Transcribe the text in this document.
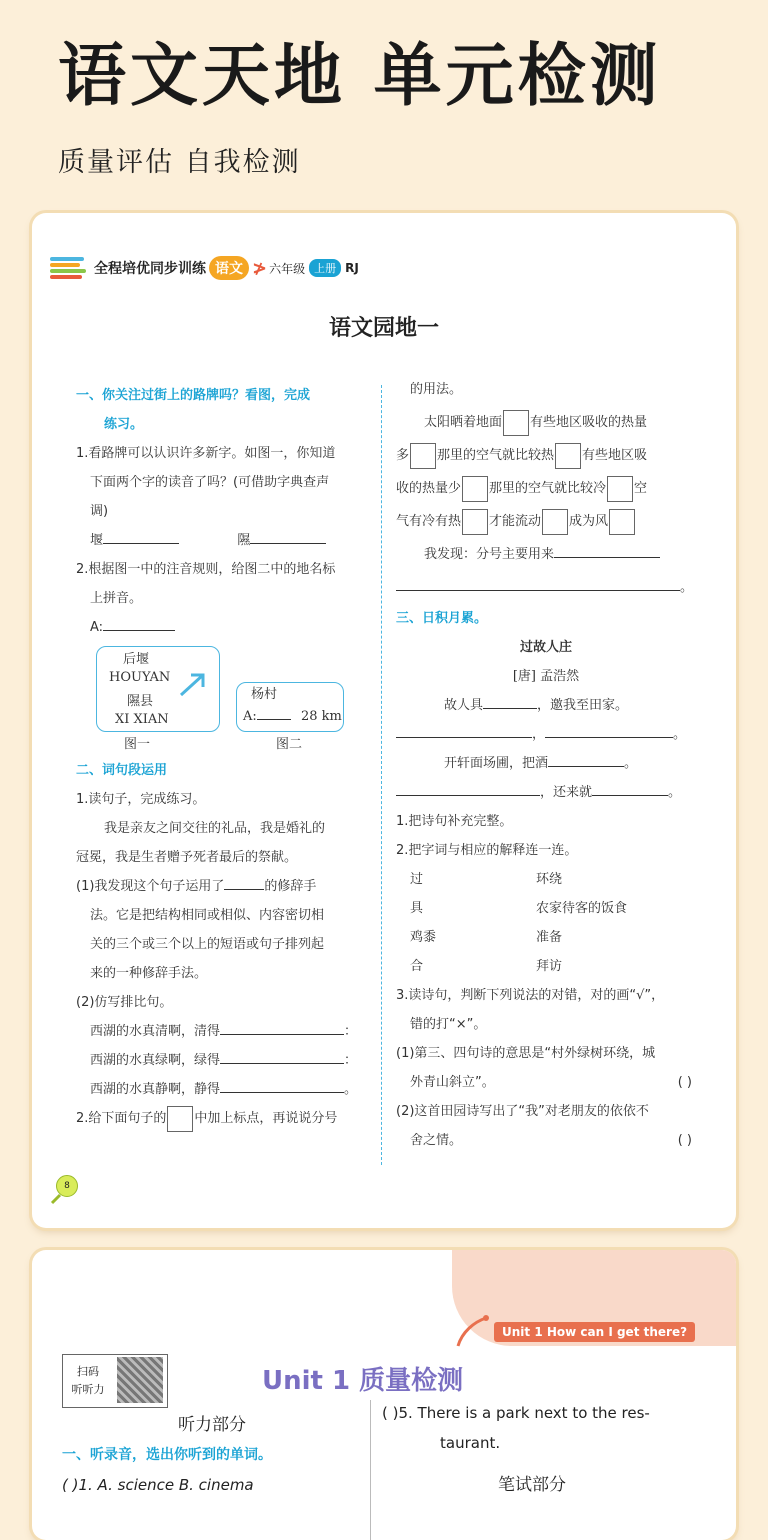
语文天地 单元检测
质量评估 自我检测
全程培优同步训练 语文 ≯ 六年级 上册 RJ
语文园地一
一、你关注过街上的路牌吗？看图，完成
练习。
1.看路牌可以认识许多新字。如图一，你知道
下面两个字的读音了吗？(可借助字典查声
调)
堰	隰
2.根据图一中的注音规则，给图二中的地名标
上拼音。
A:
后堰
HOUYAN
隰县
XI XIAN
杨村
A:	28 km
图一	图二
二、词句段运用
1.读句子，完成练习。
我是亲友之间交往的礼品，我是婚礼的
冠冕，我是生者赠予死者最后的祭献。
(1)我发现这个句子运用了	的修辞手
法。它是把结构相同或相似、内容密切相
关的三个或三个以上的短语或句子排列起
来的一种修辞手法。
(2)仿写排比句。
西湖的水真清啊，清得	：
西湖的水真绿啊，绿得	：
西湖的水真静啊，静得	。
2.给下面句子的 中加上标点，再说说分号
的用法。
太阳晒着地面 有些地区吸收的热量
多 那里的空气就比较热 有些地区吸
收的热量少 那里的空气就比较冷 空
气有冷有热 才能流动 成为风
我发现：分号主要用来
。
三、日积月累。
过故人庄
[唐] 孟浩然
故人具	，邀我至田家。
，	。
开轩面场圃，把酒	。
，还来就	。
1.把诗句补充完整。
2.把字词与相应的解释连一连。
过	环绕
具	农家待客的饭食
鸡黍	准备
合	拜访
3.读诗句，判断下列说法的对错，对的画“√”，
错的打“×”。
(1)第三、四句诗的意思是“村外绿树环绕，城
外青山斜立”。	( )
(2)这首田园诗写出了“我”对老朋友的依依不
舍之情。	( )
8
Unit 1 How can I get there?
扫码
听听力	Unit 1 质量检测
听力部分
一、听录音，选出你听到的单词。
( )1. A. science B. cinema
( )5. There is a park next to the res-
taurant.
笔试部分
